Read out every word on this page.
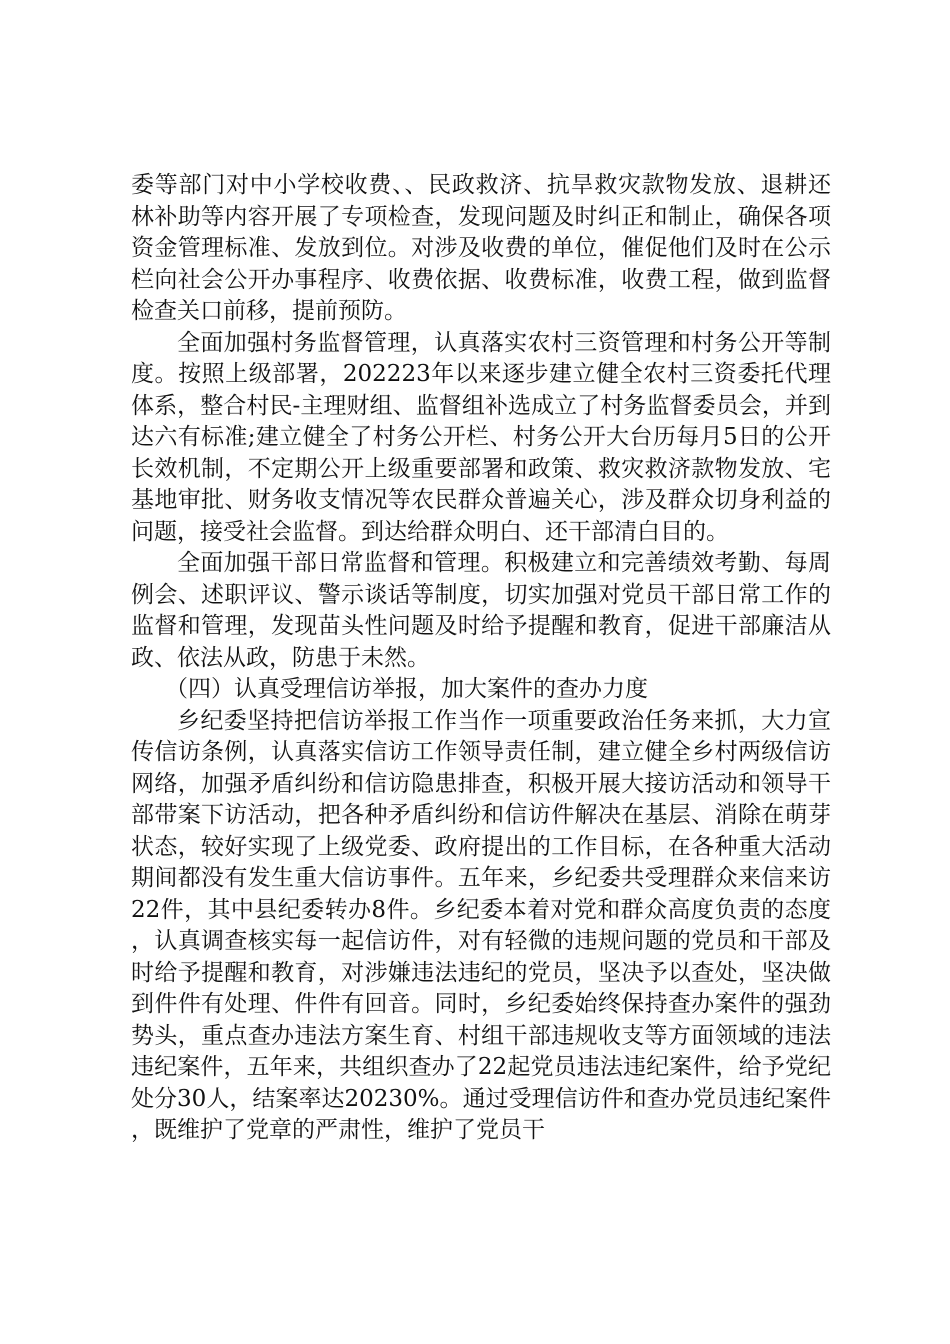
委等部门对中小学校收费、、民政救济、抗旱救灾款物发放、退耕还林补助等内容开展了专项检查，发现问题及时纠正和制止，确保各项资金管理标准、发放到位。对涉及收费的单位，催促他们及时在公示栏向社会公开办事程序、收费依据、收费标准，收费工程，做到监督检查关口前移，提前预防。

全面加强村务监督管理，认真落实农村三资管理和村务公开等制度。按照上级部署，202223年以来逐步建立健全农村三资委托代理体系，整合村民-主理财组、监督组补选成立了村务监督委员会，并到达六有标准;建立健全了村务公开栏、村务公开大台历每月5日的公开长效机制，不定期公开上级重要部署和政策、救灾救济款物发放、宅基地审批、财务收支情况等农民群众普遍关心，涉及群众切身利益的问题，接受社会监督。到达给群众明白、还干部清白目的。

全面加强干部日常监督和管理。积极建立和完善绩效考勤、每周例会、述职评议、警示谈话等制度，切实加强对党员干部日常工作的监督和管理，发现苗头性问题及时给予提醒和教育，促进干部廉洁从政、依法从政，防患于未然。

（四）认真受理信访举报，加大案件的查办力度

乡纪委坚持把信访举报工作当作一项重要政治任务来抓，大力宣传信访条例，认真落实信访工作领导责任制，建立健全乡村两级信访网络，加强矛盾纠纷和信访隐患排查，积极开展大接访活动和领导干部带案下访活动，把各种矛盾纠纷和信访件解决在基层、消除在萌芽状态，较好实现了上级党委、政府提出的工作目标，在各种重大活动期间都没有发生重大信访事件。五年来，乡纪委共受理群众来信来访22件，其中县纪委转办8件。乡纪委本着对党和群众高度负责的态度，认真调查核实每一起信访件，对有轻微的违规问题的党员和干部及时给予提醒和教育，对涉嫌违法违纪的党员，坚决予以查处，坚决做到件件有处理、件件有回音。同时，乡纪委始终保持查办案件的强劲势头，重点查办违法方案生育、村组干部违规收支等方面领域的违法违纪案件，五年来，共组织查办了22起党员违法违纪案件，给予党纪处分30人，结案率达20230%。通过受理信访件和查办党员违纪案件，既维护了党章的严肃性，维护了党员干
